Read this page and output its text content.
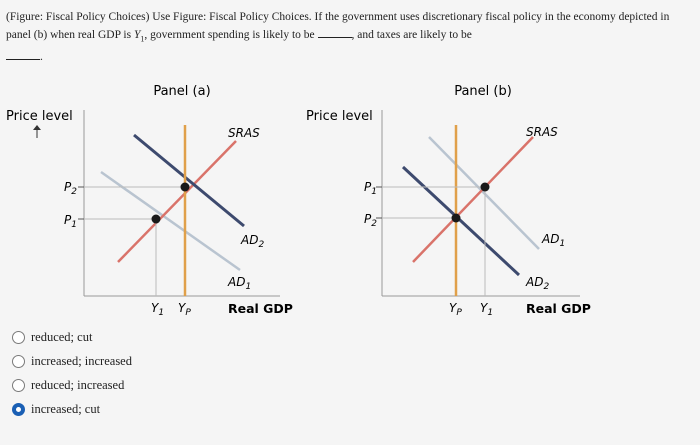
(Figure: Fiscal Policy Choices) Use Figure: Fiscal Policy Choices. If the government uses discretionary fiscal policy in the economy depicted in panel (b) when real GDP is $Y_1$, government spending is likely to be	, and taxes are likely to be
.
Panel (a)
Price level
SRAS
$AD_2$
$AD_1$
$P_2$
$P_1$
$Y_1$ $Y_P$	Real GDP
Panel (b)
Price level
SRAS
$AD_1$
$AD_2$
$P_1$
$P_2$
$Y_P$ $Y_1$	Real GDP
reduced; cut
increased; increased
reduced; increased
increased; cut
